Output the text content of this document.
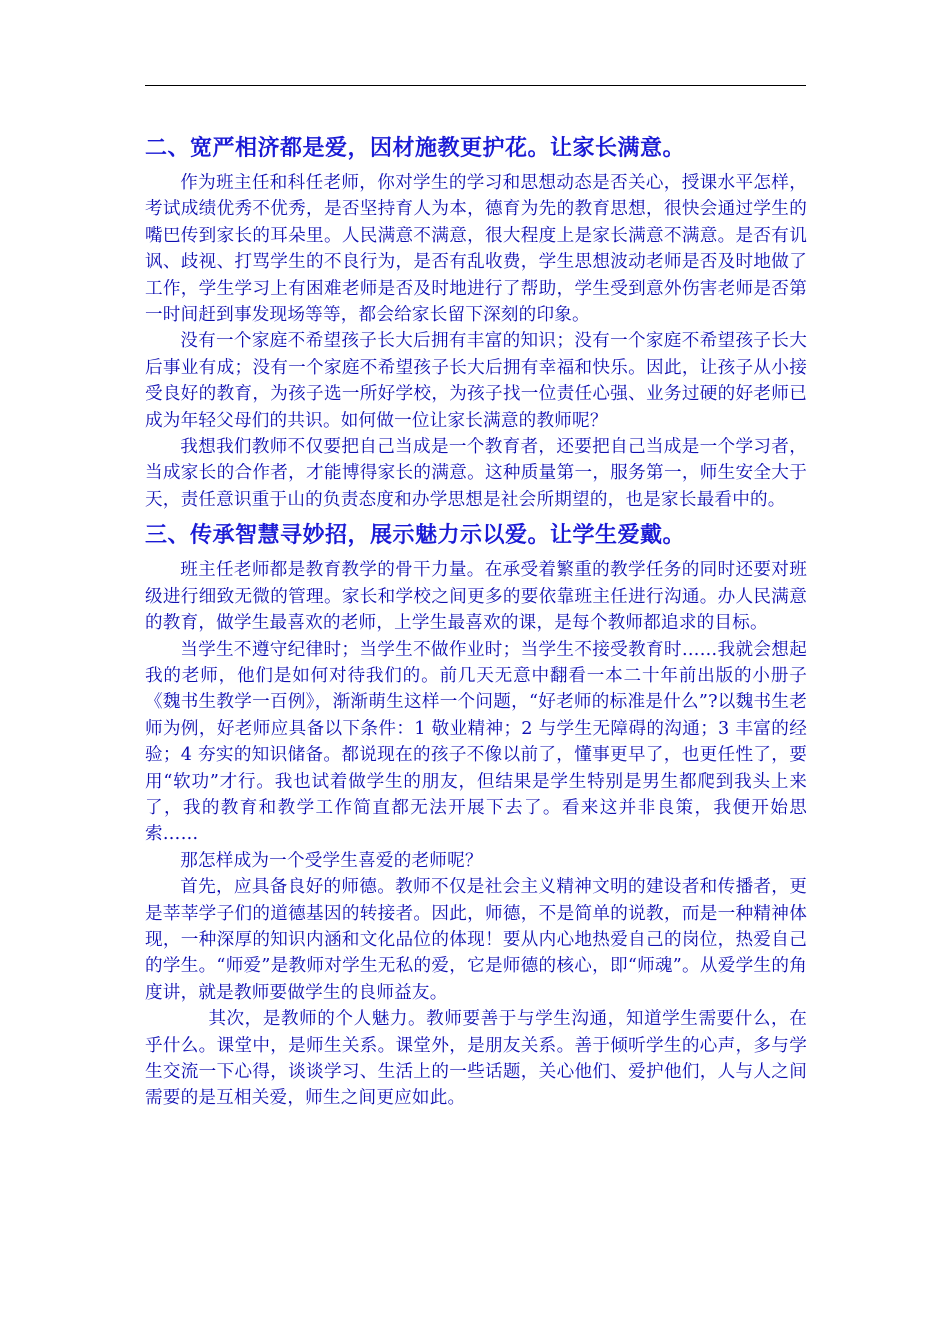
二、宽严相济都是爱，因材施教更护花。让家长满意。

作为班主任和科任老师，你对学生的学习和思想动态是否关心，授课水平怎样，考试成绩优秀不优秀，是否坚持育人为本，德育为先的教育思想，很快会通过学生的嘴巴传到家长的耳朵里。人民满意不满意，很大程度上是家长满意不满意。是否有讥讽、歧视、打骂学生的不良行为，是否有乱收费，学生思想波动老师是否及时地做了工作，学生学习上有困难老师是否及时地进行了帮助，学生受到意外伤害老师是否第一时间赶到事发现场等等，都会给家长留下深刻的印象。

没有一个家庭不希望孩子长大后拥有丰富的知识；没有一个家庭不希望孩子长大后事业有成；没有一个家庭不希望孩子长大后拥有幸福和快乐。因此，让孩子从小接受良好的教育，为孩子选一所好学校，为孩子找一位责任心强、业务过硬的好老师已成为年轻父母们的共识。如何做一位让家长满意的教师呢？

我想我们教师不仅要把自己当成是一个教育者，还要把自己当成是一个学习者，当成家长的合作者，才能博得家长的满意。这种质量第一，服务第一，师生安全大于天，责任意识重于山的负责态度和办学思想是社会所期望的，也是家长最看中的。

三、传承智慧寻妙招，展示魅力示以爱。让学生爱戴。

班主任老师都是教育教学的骨干力量。在承受着繁重的教学任务的同时还要对班级进行细致无微的管理。家长和学校之间更多的要依靠班主任进行沟通。办人民满意的教育，做学生最喜欢的老师，上学生最喜欢的课，是每个教师都追求的目标。

当学生不遵守纪律时；当学生不做作业时；当学生不接受教育时……我就会想起我的老师，他们是如何对待我们的。前几天无意中翻看一本二十年前出版的小册子《魏书生教学一百例》，渐渐萌生这样一个问题，“好老师的标准是什么”?以魏书生老师为例，好老师应具备以下条件：1 敬业精神；2 与学生无障碍的沟通；3 丰富的经验；4 夯实的知识储备。都说现在的孩子不像以前了，懂事更早了，也更任性了，要用“软功”才行。我也试着做学生的朋友，但结果是学生特别是男生都爬到我头上来了，我的教育和教学工作简直都无法开展下去了。看来这并非良策，我便开始思索……

那怎样成为一个受学生喜爱的老师呢？

首先，应具备良好的师德。教师不仅是社会主义精神文明的建设者和传播者，更是莘莘学子们的道德基因的转接者。因此，师德，不是简单的说教，而是一种精神体现，一种深厚的知识内涵和文化品位的体现！要从内心地热爱自己的岗位，热爱自己的学生。“师爱”是教师对学生无私的爱，它是师德的核心，即“师魂”。从爱学生的角度讲，就是教师要做学生的良师益友。

其次，是教师的个人魅力。教师要善于与学生沟通，知道学生需要什么，在乎什么。课堂中，是师生关系。课堂外，是朋友关系。善于倾听学生的心声，多与学生交流一下心得，谈谈学习、生活上的一些话题，关心他们、爱护他们，人与人之间需要的是互相关爱，师生之间更应如此。
